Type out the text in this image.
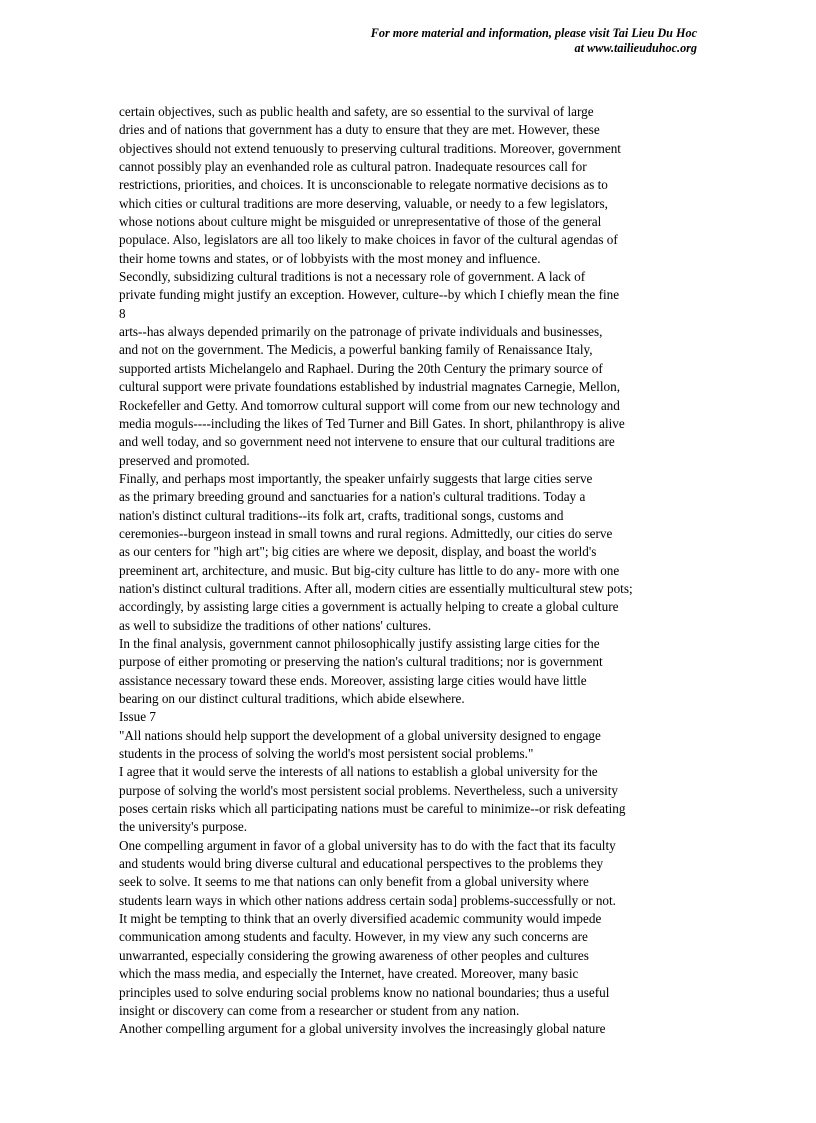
For more material and information, please visit Tai Lieu Du Hoc
at www.tailieuduhoc.org
certain objectives, such as public health and safety, are so essential to the survival of large
dries and of nations that government has a duty to ensure that they are met. However, these
objectives should not extend tenuously to preserving cultural traditions. Moreover, government
cannot possibly play an evenhanded role as cultural patron. Inadequate resources call for
restrictions, priorities, and choices. It is unconscionable to relegate normative decisions as to
which cities or cultural traditions are more deserving, valuable, or needy to a few legislators,
whose notions about culture might be misguided or unrepresentative of those of the general
populace. Also, legislators are all too likely to make choices in favor of the cultural agendas of
their home towns and states, or of lobbyists with the most money and influence.
Secondly, subsidizing cultural traditions is not a necessary role of government. A lack of
private funding might justify an exception. However, culture--by which I chiefly mean the fine
8
arts--has always depended primarily on the patronage of private individuals and businesses,
and not on the government. The Medicis, a powerful banking family of Renaissance Italy,
supported artists Michelangelo and Raphael. During the 20th Century the primary source of
cultural support were private foundations established by industrial magnates Carnegie, Mellon,
Rockefeller and Getty. And tomorrow cultural support will come from our new technology and
media moguls----including the likes of Ted Turner and Bill Gates. In short, philanthropy is alive
and well today, and so government need not intervene to ensure that our cultural traditions are
preserved and promoted.
Finally, and perhaps most importantly, the speaker unfairly suggests that large cities serve
as the primary breeding ground and sanctuaries for a nation's cultural traditions. Today a
nation's distinct cultural traditions--its folk art, crafts, traditional songs, customs and
ceremonies--burgeon instead in small towns and rural regions. Admittedly, our cities do serve
as our centers for "high art"; big cities are where we deposit, display, and boast the world's
preeminent art, architecture, and music. But big-city culture has little to do any- more with one
nation's distinct cultural traditions. After all, modern cities are essentially multicultural stew pots;
accordingly, by assisting large cities a government is actually helping to create a global culture
as well to subsidize the traditions of other nations' cultures.
In the final analysis, government cannot philosophically justify assisting large cities for the
purpose of either promoting or preserving the nation's cultural traditions; nor is government
assistance necessary toward these ends. Moreover, assisting large cities would have little
bearing on our distinct cultural traditions, which abide elsewhere.
Issue 7
"All nations should help support the development of a global university designed to engage
students in the process of solving the world's most persistent social problems."
I agree that it would serve the interests of all nations to establish a global university for the
purpose of solving the world's most persistent social problems. Nevertheless, such a university
poses certain risks which all participating nations must be careful to minimize--or risk defeating
the university's purpose.
One compelling argument in favor of a global university has to do with the fact that its faculty
and students would bring diverse cultural and educational perspectives to the problems they
seek to solve. It seems to me that nations can only benefit from a global university where
students learn ways in which other nations address certain soda] problems-successfully or not.
It might be tempting to think that an overly diversified academic community would impede
communication among students and faculty. However, in my view any such concerns are
unwarranted, especially considering the growing awareness of other peoples and cultures
which the mass media, and especially the Internet, have created. Moreover, many basic
principles used to solve enduring social problems know no national boundaries; thus a useful
insight or discovery can come from a researcher or student from any nation.
Another compelling argument for a global university involves the increasingly global nature
